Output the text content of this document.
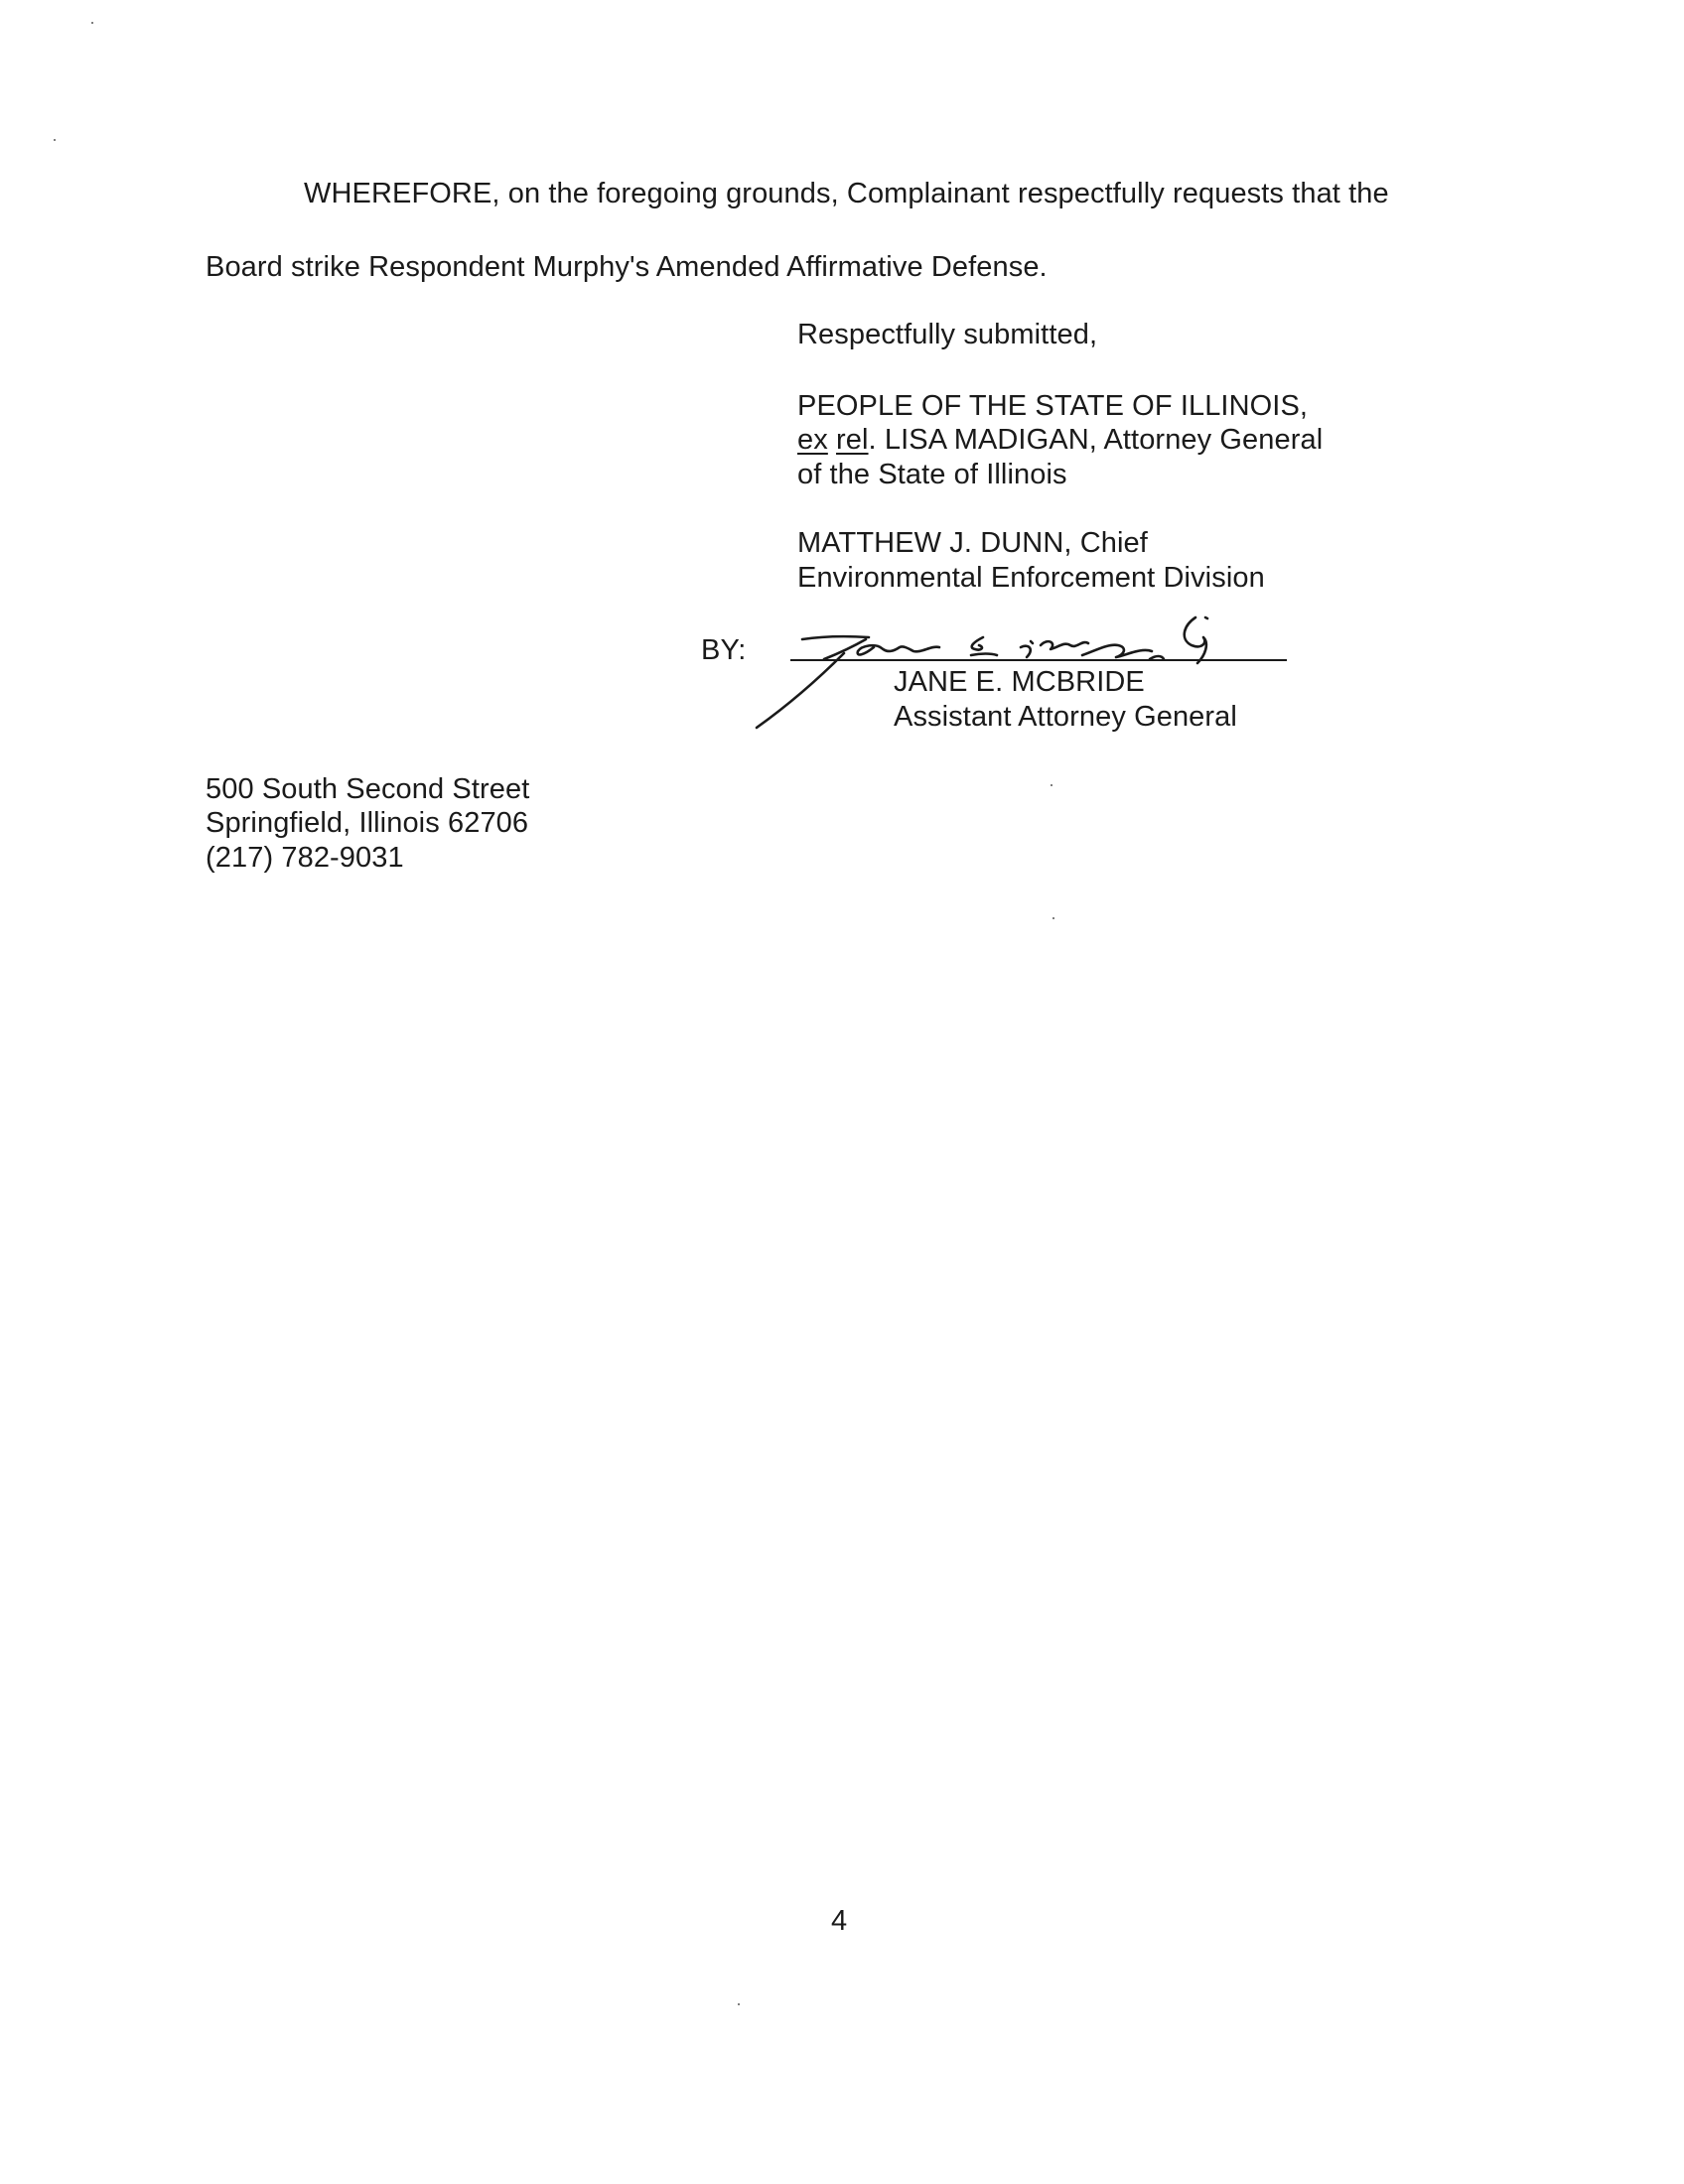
WHEREFORE, on the foregoing grounds, Complainant respectfully requests that the
Board strike Respondent Murphy's Amended Affirmative Defense.
Respectfully submitted,
PEOPLE OF THE STATE OF ILLINOIS,
ex rel. LISA MADIGAN, Attorney General
of the State of Illinois
MATTHEW J. DUNN, Chief
Environmental Enforcement Division
BY:
JANE E. MCBRIDE
Assistant Attorney General
500 South Second Street
Springfield, Illinois 62706
(217) 782-9031
4
